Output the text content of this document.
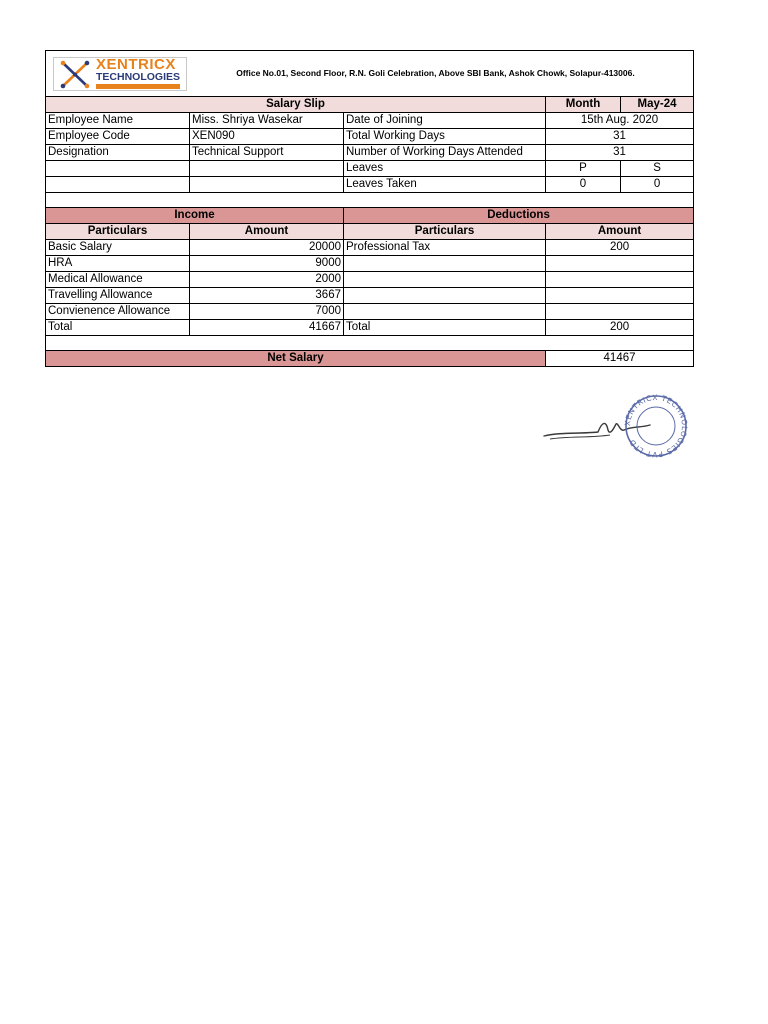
XENTRICX
TECHNOLOGIES Office No.01, Second Floor, R.N. Goli Celebration, Above SBI Bank, Ashok Chowk, Solapur-413006.				
Salary Slip			Month	May-24
Employee Name	Miss. Shriya Wasekar	Date of Joining	15th Aug. 2020	
Employee Code	XEN090	Total Working Days	31	
Designation	Technical Support	Number of Working Days Attended	31	
		Leaves	P	S
		Leaves Taken	0	0

Income		Deductions		
Particulars	Amount	Particulars	Amount	
Basic Salary	20000	Professional Tax	200	
HRA	9000			
Medical Allowance	2000			
Travelling Allowance	3667			
Convienence Allowance	7000			
Total	41667	Total	200	

Net Salary			41467	
XENTRICX TECHNOLOGIES PVT LTD
